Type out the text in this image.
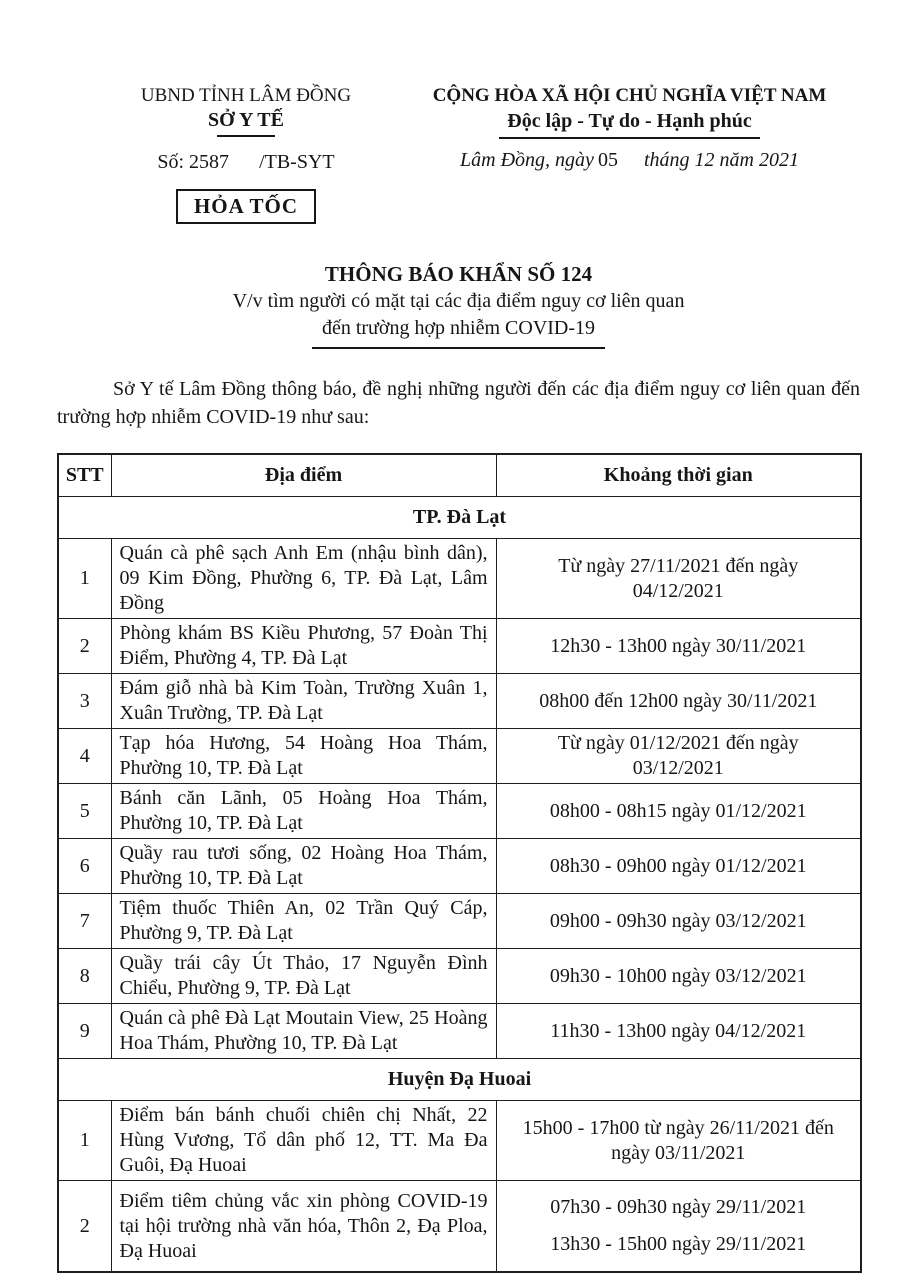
UBND TỈNH LÂM ĐỒNG
SỞ Y TẾ
Số: 2587 /TB-SYT
HỎA TỐC
CỘNG HÒA XÃ HỘI CHỦ NGHĨA VIỆT NAM
Độc lập - Tự do - Hạnh phúc
Lâm Đồng, ngày 05 tháng 12 năm 2021
THÔNG BÁO KHẨN SỐ 124
V/v tìm người có mặt tại các địa điểm nguy cơ liên quan
đến trường hợp nhiễm COVID-19

Sở Y tế Lâm Đồng thông báo, đề nghị những người đến các địa điểm nguy cơ liên quan đến trường hợp nhiễm COVID-19 như sau:

STT	Địa điểm	Khoảng thời gian
TP. Đà Lạt		
1	Quán cà phê sạch Anh Em (nhậu bình dân), 09 Kim Đồng, Phường 6, TP. Đà Lạt, Lâm Đồng	Từ ngày 27/11/2021 đến ngày
04/12/2021

2	Phòng khám BS Kiều Phương, 57 Đoàn Thị Điểm, Phường 4, TP. Đà Lạt	12h30 - 13h00 ngày 30/11/2021

3	Đám giỗ nhà bà Kim Toàn, Trường Xuân 1, Xuân Trường, TP. Đà Lạt	08h00 đến 12h00 ngày 30/11/2021

4	Tạp hóa Hương, 54 Hoàng Hoa Thám, Phường 10, TP. Đà Lạt	Từ ngày 01/12/2021 đến ngày
03/12/2021

5	Bánh căn Lãnh, 05 Hoàng Hoa Thám, Phường 10, TP. Đà Lạt	08h00 - 08h15 ngày 01/12/2021

6	Quầy rau tươi sống, 02 Hoàng Hoa Thám, Phường 10, TP. Đà Lạt	08h30 - 09h00 ngày 01/12/2021

7	Tiệm thuốc Thiên An, 02 Trần Quý Cáp, Phường 9, TP. Đà Lạt	09h00 - 09h30 ngày 03/12/2021

8	Quầy trái cây Út Thảo, 17 Nguyễn Đình Chiểu, Phường 9, TP. Đà Lạt	09h30 - 10h00 ngày 03/12/2021

9	Quán cà phê Đà Lạt Moutain View, 25 Hoàng Hoa Thám, Phường 10, TP. Đà Lạt	11h30 - 13h00 ngày 04/12/2021

Huyện Đạ Huoai		
1	Điểm bán bánh chuối chiên chị Nhất, 22 Hùng Vương, Tổ dân phố 12, TT. Ma Đa Guôi, Đạ Huoai	15h00 - 17h00 từ ngày 26/11/2021 đến
ngày 03/11/2021

2	Điểm tiêm chủng vắc xin phòng COVID-19 tại hội trường nhà văn hóa, Thôn 2, Đạ Ploa, Đạ Huoai	07h30 - 09h30 ngày 29/11/2021
13h30 - 15h00 ngày 29/11/2021
